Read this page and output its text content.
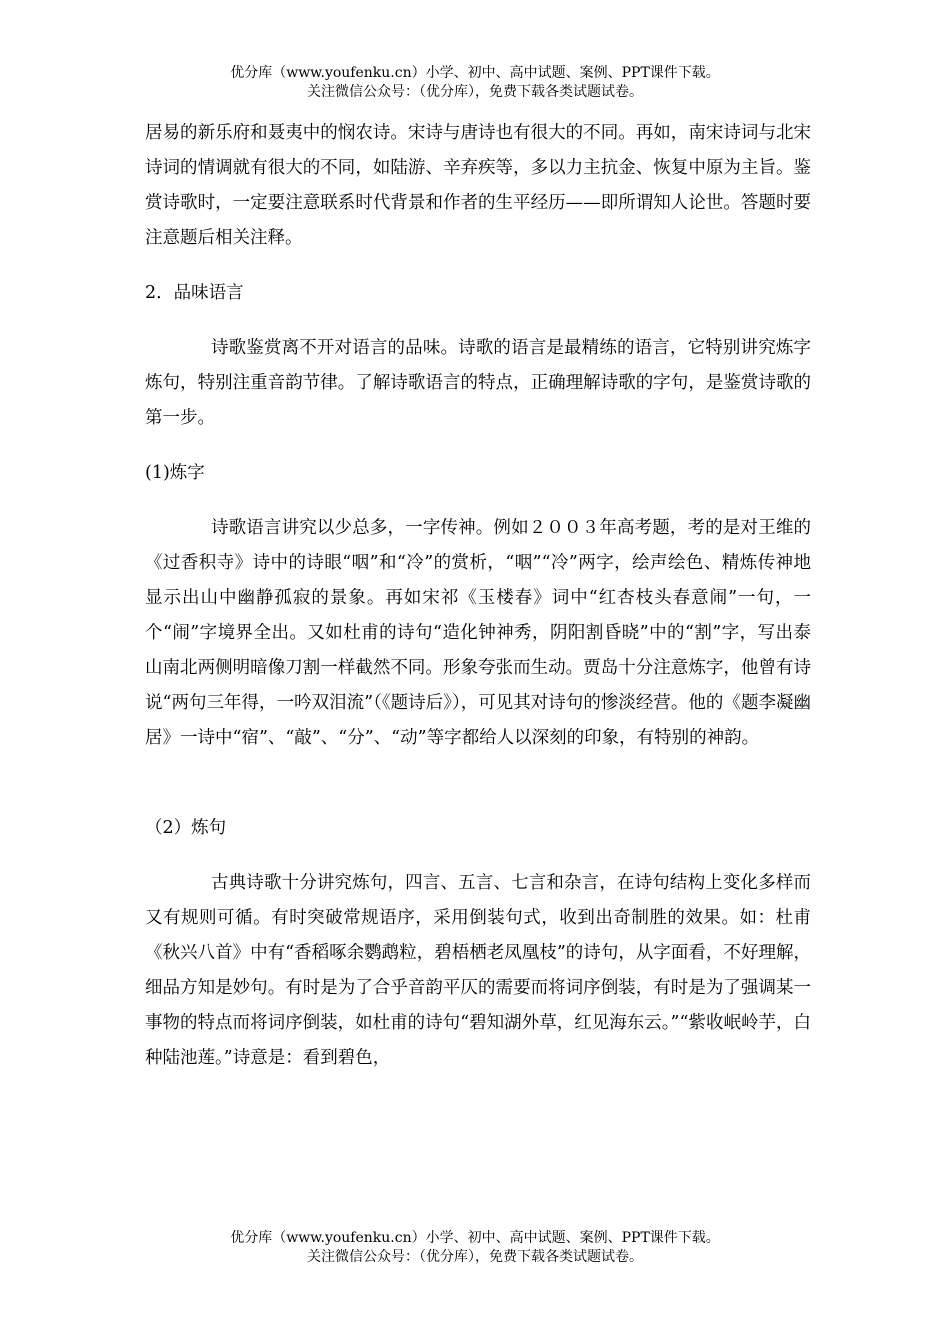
优分库（www.youfenku.cn）小学、初中、高中试题、案例、PPT课件下载。
关注微信公众号：（优分库），免费下载各类试题试卷。

居易的新乐府和聂夷中的悯农诗。宋诗与唐诗也有很大的不同。再如，南宋诗词与北宋诗词的情调就有很大的不同，如陆游、辛弃疾等，多以力主抗金、恢复中原为主旨。鉴赏诗歌时，一定要注意联系时代背景和作者的生平经历——即所谓知人论世。答题时要注意题后相关注释。

2．品味语言

诗歌鉴赏离不开对语言的品味。诗歌的语言是最精练的语言，它特别讲究炼字炼句，特别注重音韵节律。了解诗歌语言的特点，正确理解诗歌的字句，是鉴赏诗歌的第一步。

(1)炼字

诗歌语言讲究以少总多，一字传神。例如２００３年高考题，考的是对王维的《过香积寺》诗中的诗眼“咽”和“冷”的赏析，“咽”“冷”两字，绘声绘色、精炼传神地显示出山中幽静孤寂的景象。再如宋祁《玉楼春》词中“红杏枝头春意闹”一句，一个“闹”字境界全出。又如杜甫的诗句“造化钟神秀，阴阳割昏晓”中的“割”字，写出泰山南北两侧明暗像刀割一样截然不同。形象夸张而生动。贾岛十分注意炼字，他曾有诗说“两句三年得，一吟双泪流”（《题诗后》），可见其对诗句的惨淡经营。他的《题李凝幽居》一诗中“宿”、“敲”、“分”、“动”等字都给人以深刻的印象，有特别的神韵。

（2）炼句

古典诗歌十分讲究炼句，四言、五言、七言和杂言，在诗句结构上变化多样而又有规则可循。有时突破常规语序，采用倒装句式，收到出奇制胜的效果。如：杜甫《秋兴八首》中有“香稻啄余鹦鹉粒，碧梧栖老凤凰枝”的诗句，从字面看，不好理解，细品方知是妙句。有时是为了合乎音韵平仄的需要而将词序倒装，有时是为了强调某一事物的特点而将词序倒装，如杜甫的诗句“碧知湖外草，红见海东云。”“紫收岷岭芋，白种陆池莲。”诗意是：看到碧色，

优分库（www.youfenku.cn）小学、初中、高中试题、案例、PPT课件下载。
关注微信公众号：（优分库），免费下载各类试题试卷。
